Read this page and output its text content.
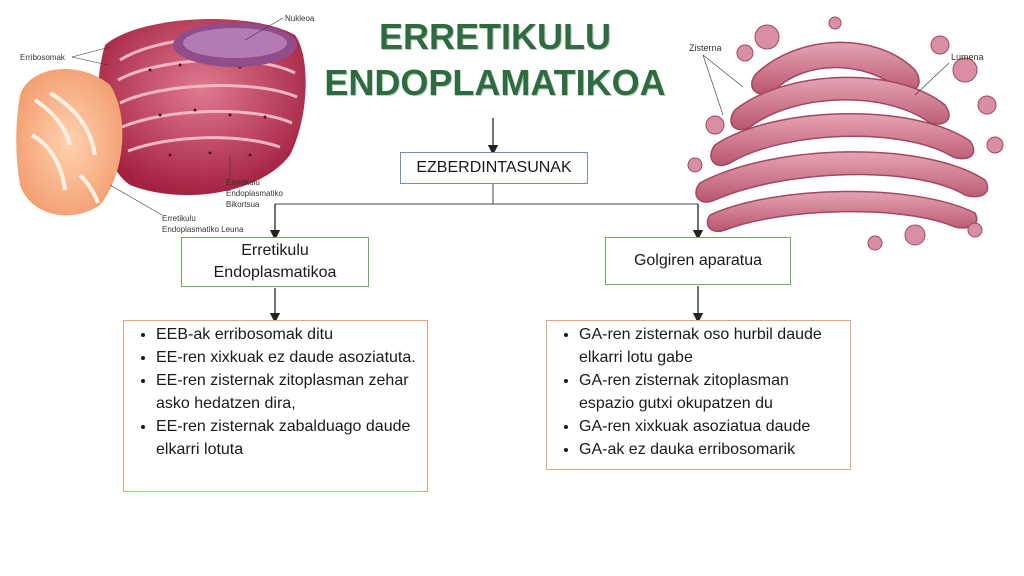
Nukleoa
Erribosomak
Erretikulu
Endoplasmatiko
Bikortsua
Erretikulu
Endoplasmatiko Leuna
Zisterna
Lumena
ERRETIKULU
ENDOPLAMATIKOA
EZBERDINTASUNAK
Erretikulu
Endoplasmatikoa
Golgiren aparatua
• EEB-ak erribosomak ditu
• EE-ren xixkuak ez daude asoziatuta.
• EE-ren zisternak zitoplasman zehar asko hedatzen dira,
• EE-ren zisternak zabalduago daude elkarri lotuta
• GA-ren zisternak oso hurbil daude elkarri lotu gabe
• GA-ren zisternak zitoplasman espazio gutxi okupatzen du
• GA-ren xixkuak asoziatua daude
• GA-ak ez dauka erribosomarik
